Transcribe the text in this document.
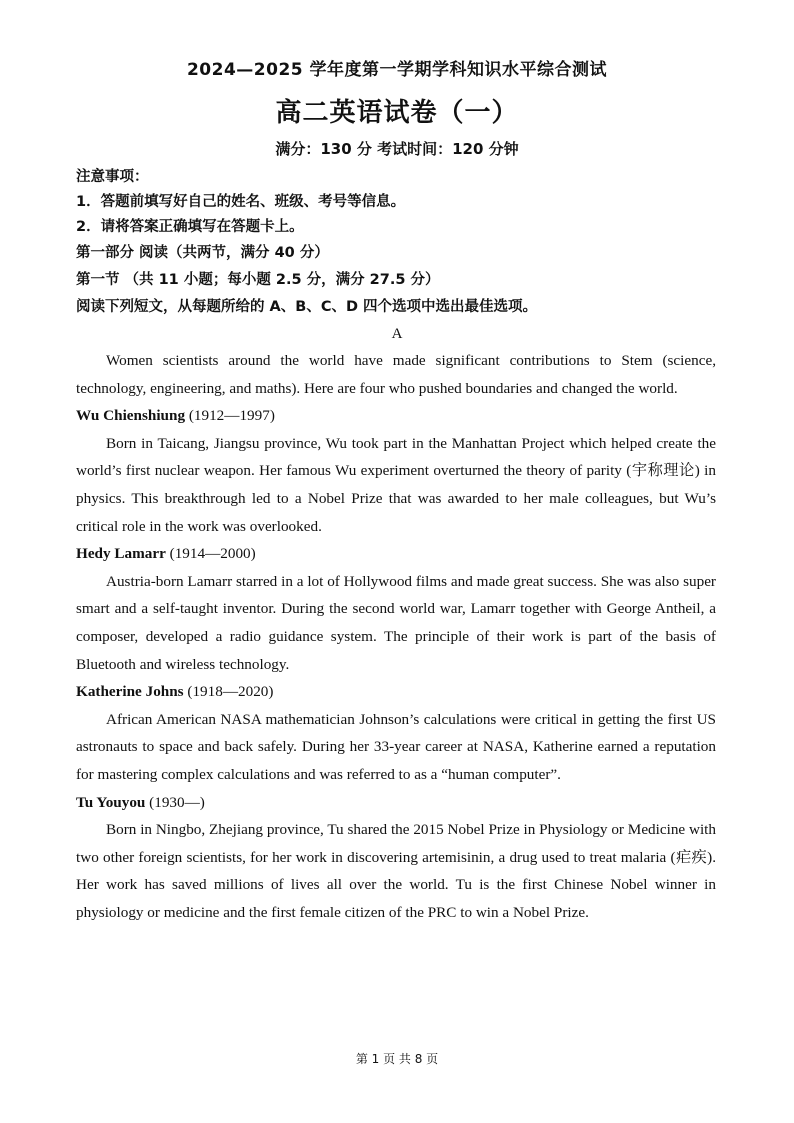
2024—2025 学年度第一学期学科知识水平综合测试
高二英语试卷（一）
满分：130 分 考试时间：120 分钟
注意事项：
1．答题前填写好自己的姓名、班级、考号等信息。
2．请将答案正确填写在答题卡上。
第一部分 阅读（共两节，满分 40 分）
第一节 （共 11 小题；每小题 2.5 分，满分 27.5 分）
阅读下列短文，从每题所给的 A、B、C、D 四个选项中选出最佳选项。
A

Women scientists around the world have made significant contributions to Stem (science, technology, engineering, and maths). Here are four who pushed boundaries and changed the world.

Wu Chienshiung (1912—1997)

Born in Taicang, Jiangsu province, Wu took part in the Manhattan Project which helped create the world’s first nuclear weapon. Her famous Wu experiment overturned the theory of parity (宇称理论) in physics. This breakthrough led to a Nobel Prize that was awarded to her male colleagues, but Wu’s critical role in the work was overlooked.

Hedy Lamarr (1914—2000)

Austria-born Lamarr starred in a lot of Hollywood films and made great success. She was also super smart and a self-taught inventor. During the second world war, Lamarr together with George Antheil, a composer, developed a radio guidance system. The principle of their work is part of the basis of Bluetooth and wireless technology.

Katherine Johns (1918—2020)

African American NASA mathematician Johnson’s calculations were critical in getting the first US astronauts to space and back safely. During her 33-year career at NASA, Katherine earned a reputation for mastering complex calculations and was referred to as a “human computer”.

Tu Youyou (1930—)

Born in Ningbo, Zhejiang province, Tu shared the 2015 Nobel Prize in Physiology or Medicine with two other foreign scientists, for her work in discovering artemisinin, a drug used to treat malaria (疟疾). Her work has saved millions of lives all over the world. Tu is the first Chinese Nobel winner in physiology or medicine and the first female citizen of the PRC to win a Nobel Prize.

第 1 页 共 8 页
